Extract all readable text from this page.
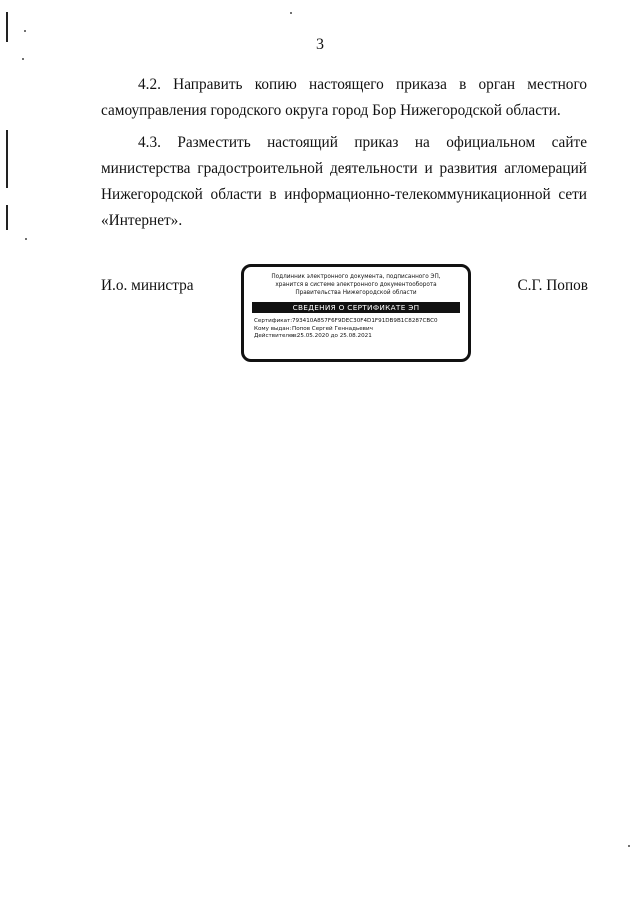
3

4.2. Направить копию настоящего приказа в орган местного самоуправления городского округа город Бор Нижегородской области.

4.3. Разместить настоящий приказ на официальном сайте министерства градостроительной деятельности и развития агломераций Нижегородской области в информационно-телекоммуникационной сети «Интернет».

И.о. министра	С.Г. Попов
Подлинник электронного документа, подписанного ЭП,
хранится в системе электронного документооборота
Правительства Нижегородской области
СВЕДЕНИЯ О СЕРТИФИКАТЕ ЭП
Сертификат:793410A857F6F9DEC30F4D1F91DB9B1C8287CBC0
Кому выдан:Попов Сергей Геннадьевич
Действителен:с 25.05.2020 до 25.08.2021
